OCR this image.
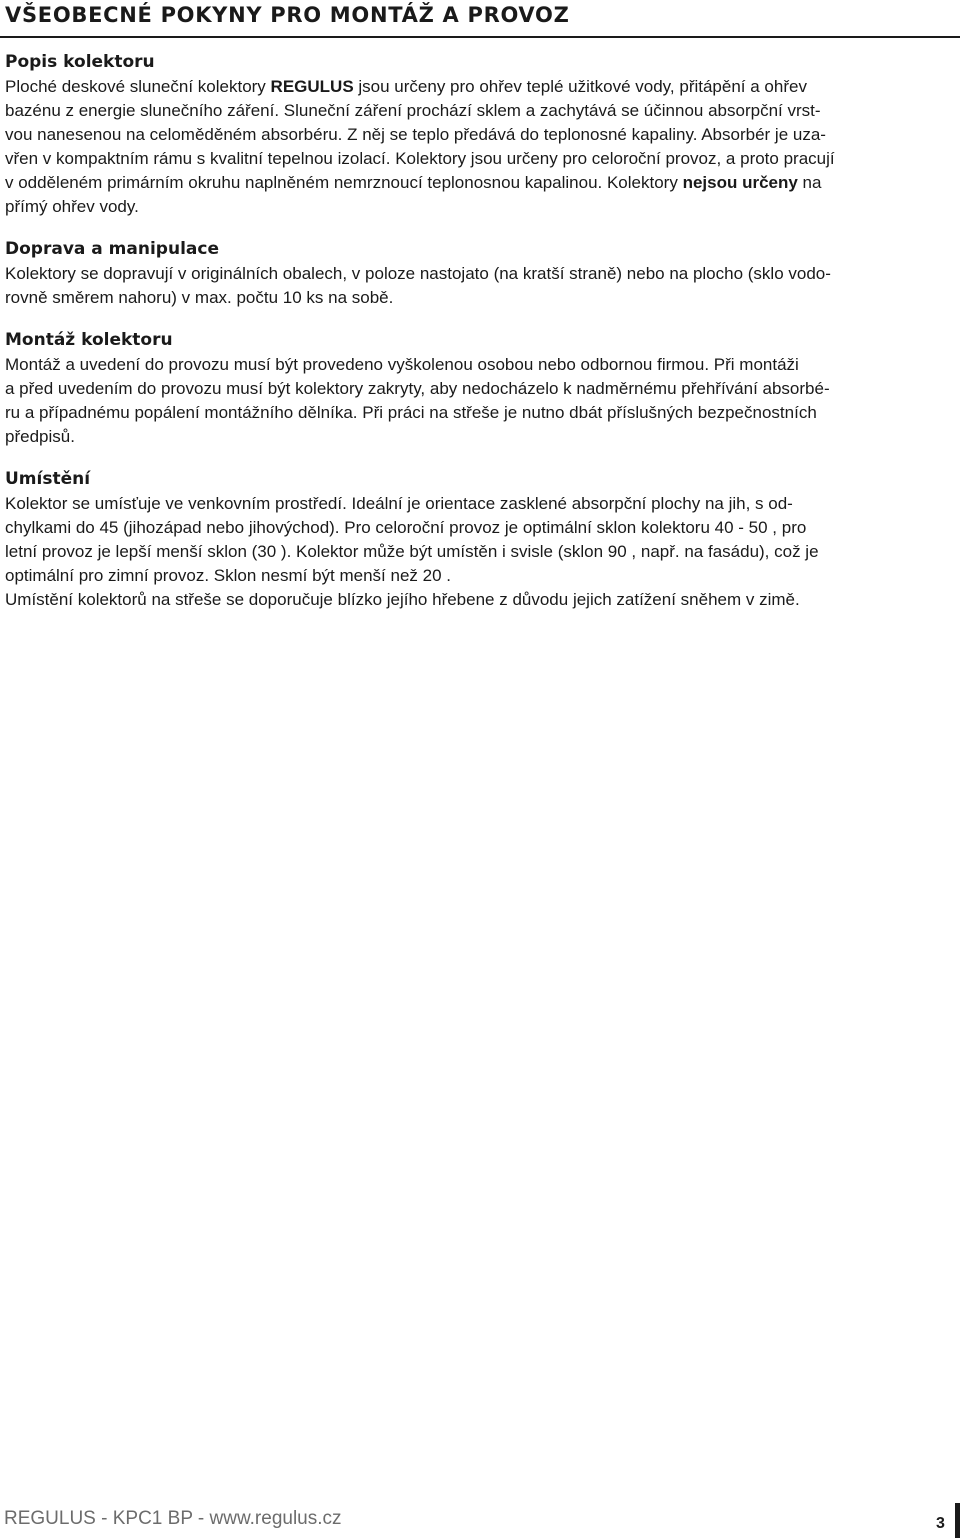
VŠEOBECNÉ POKYNY PRO MONTÁŽ A PROVOZ
Popis kolektoru
Ploché deskové sluneční kolektory REGULUS jsou určeny pro ohřev teplé užitkové vody, přitápění a ohřev
bazénu z energie slunečního záření. Sluneční záření prochází sklem a zachytává se účinnou absorpční vrst-
vou nanesenou na celoměděném absorbéru. Z něj se teplo předává do teplonosné kapaliny. Absorbér je uza-
vřen v kompaktním rámu s kvalitní tepelnou izolací. Kolektory jsou určeny pro celoroční provoz, a proto pracují
v odděleném primárním okruhu naplněném nemrznoucí teplonosnou kapalinou. Kolektory nejsou určeny na
přímý ohřev vody.
Doprava a manipulace
Kolektory se dopravují v originálních obalech, v poloze nastojato (na kratší straně) nebo na plocho (sklo vodo-
rovně směrem nahoru) v max. počtu 10 ks na sobě.
Montáž kolektoru
Montáž a uvedení do provozu musí být provedeno vyškolenou osobou nebo odbornou firmou. Při montáži
a před uvedením do provozu musí být kolektory zakryty, aby nedocházelo k nadměrnému přehřívání absorbé-
ru a případnému popálení montážního dělníka. Při práci na střeše je nutno dbát příslušných bezpečnostních
předpisů.
Umístění
Kolektor se umísťuje ve venkovním prostředí. Ideální je orientace zasklené absorpční plochy na jih, s od-
chylkami do 45 (jihozápad nebo jihovýchod). Pro celoroční provoz je optimální sklon kolektoru 40 - 50 , pro
letní provoz je lepší menší sklon (30 ). Kolektor může být umístěn i svisle (sklon 90 , např. na fasádu), což je
optimální pro zimní provoz. Sklon nesmí být menší než 20 .
Umístění kolektorů na střeše se doporučuje blízko jejího hřebene z důvodu jejich zatížení sněhem v zimě.
REGULUS - KPC1 BP - www.regulus.cz	3
